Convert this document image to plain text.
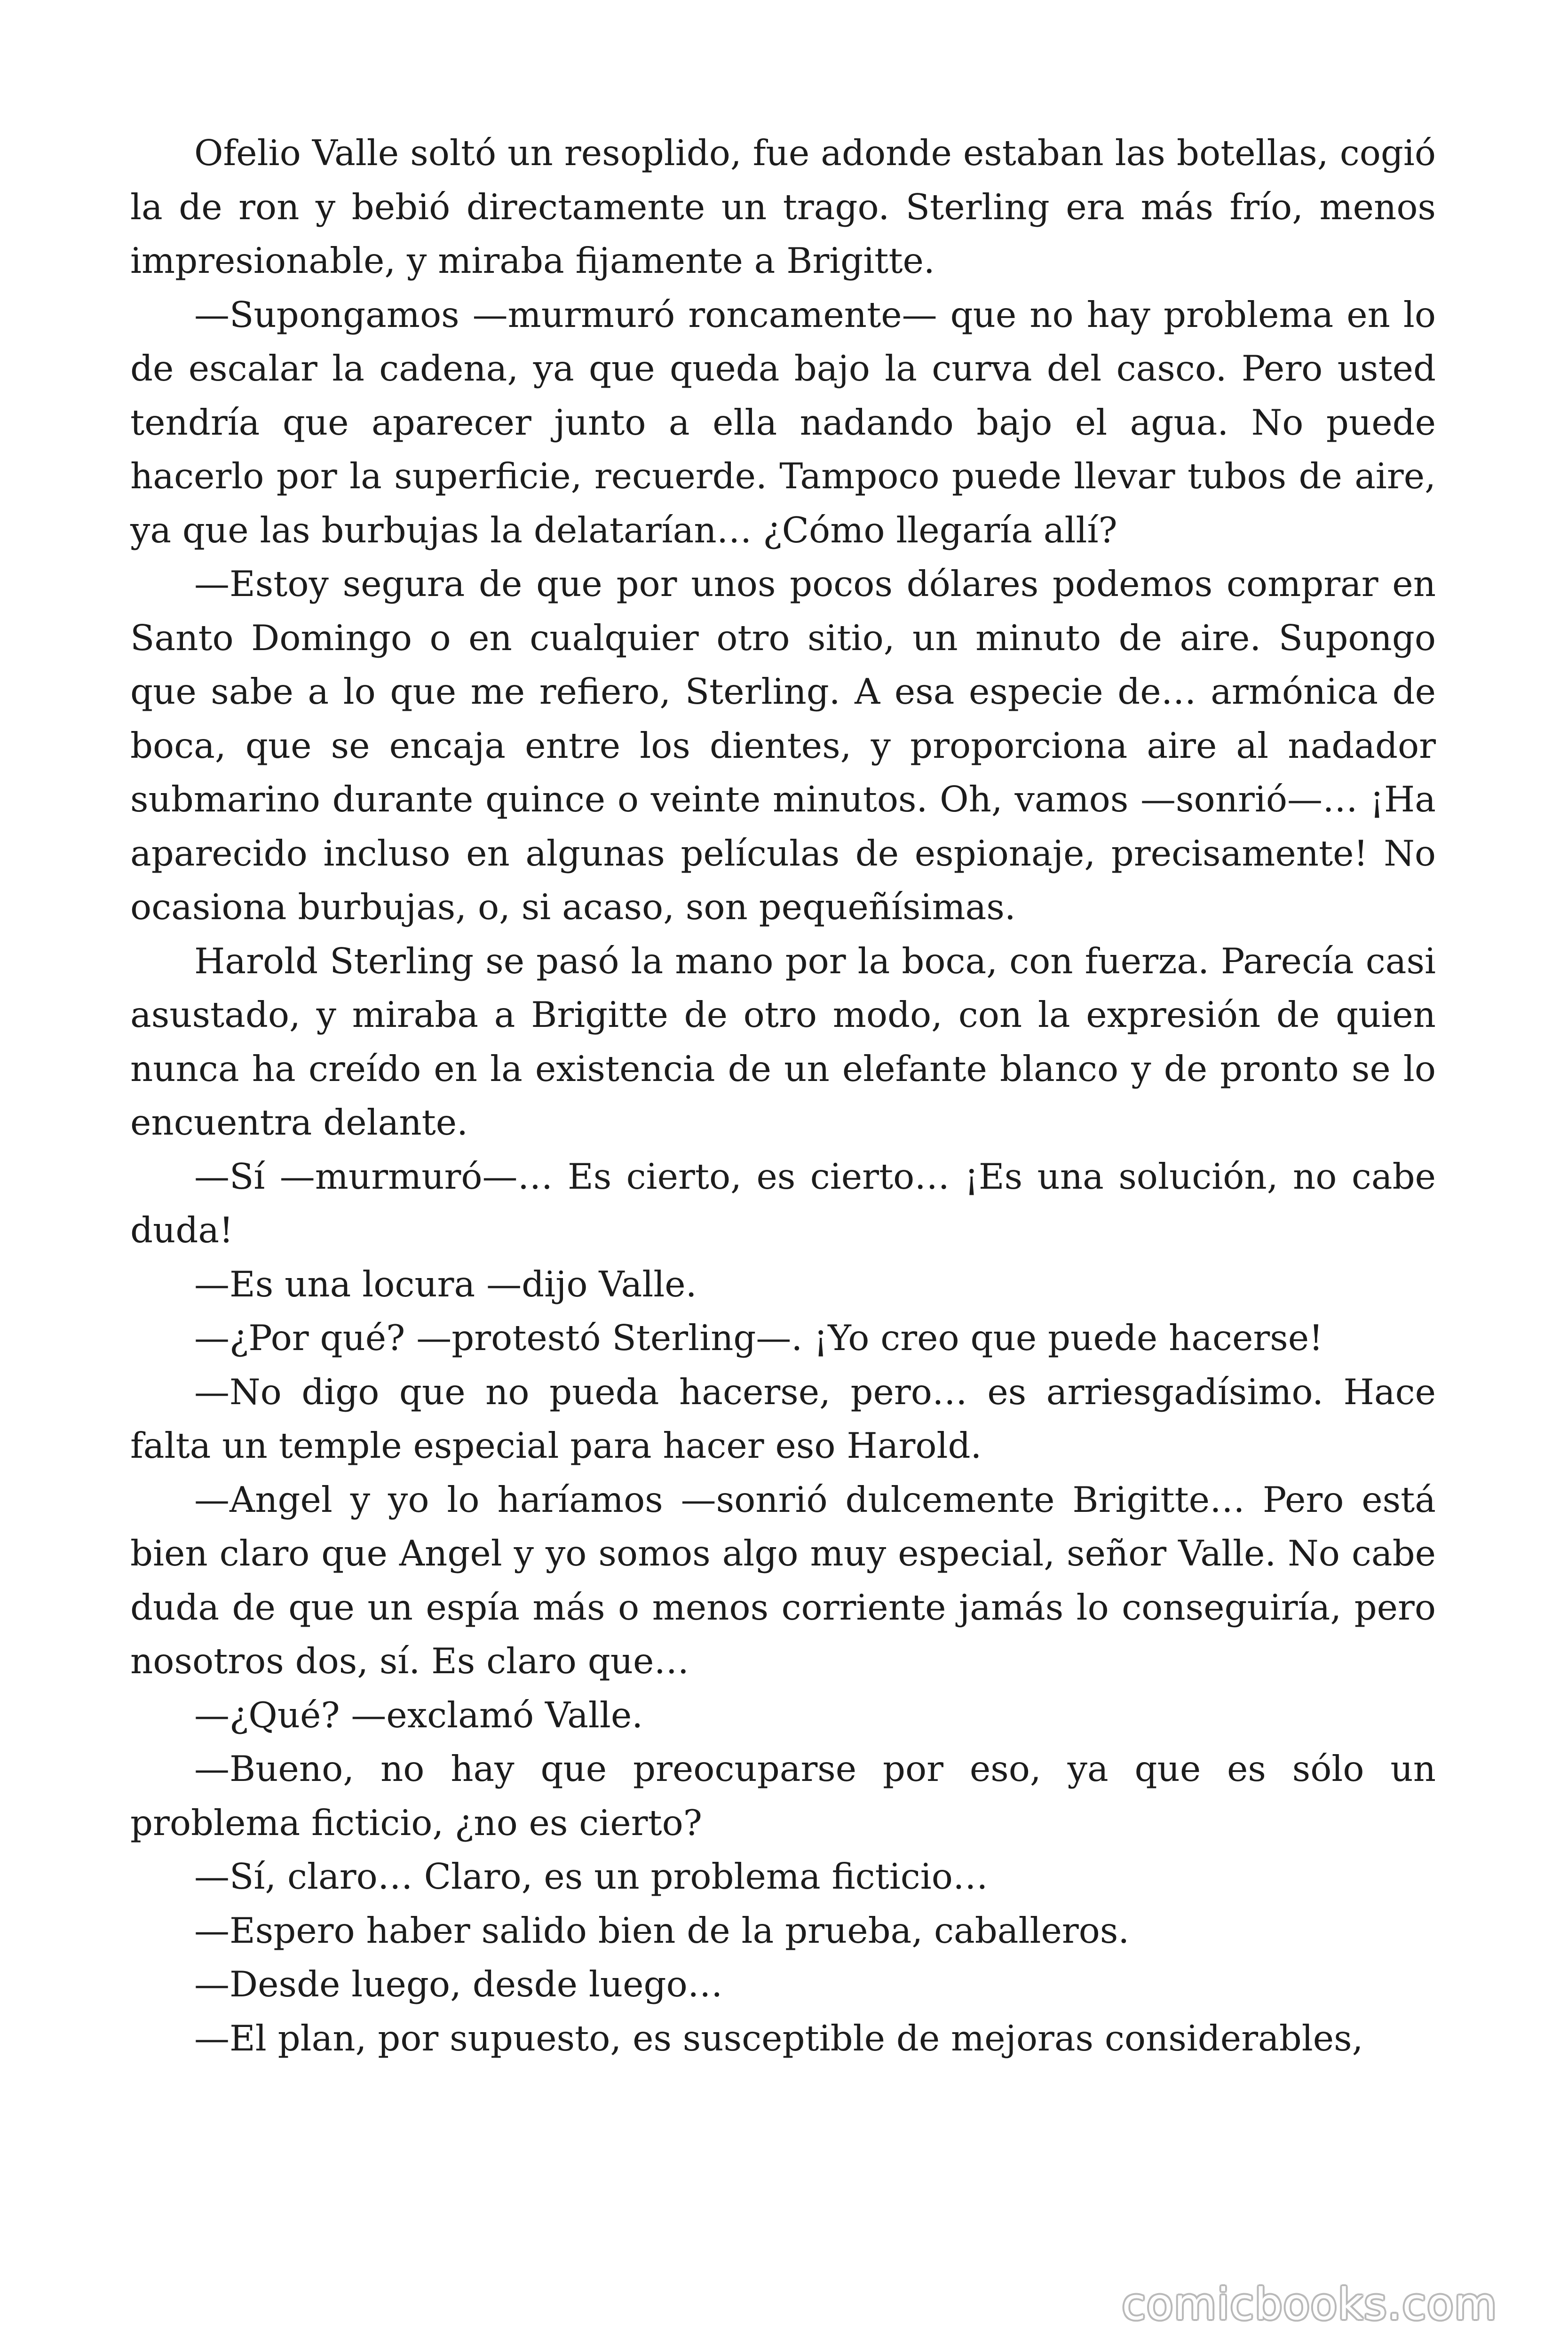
Ofelio Valle soltó un resoplido, fue adonde estaban las botellas, cogió la de ron y bebió directamente un trago. Sterling era más frío, menos impresionable, y miraba fijamente a Brigitte.

—Supongamos —murmuró roncamente— que no hay problema en lo de escalar la cadena, ya que queda bajo la curva del casco. Pero usted tendría que aparecer junto a ella nadando bajo el agua. No puede hacerlo por la superficie, recuerde. Tampoco puede llevar tubos de aire, ya que las burbujas la delatarían… ¿Cómo llegaría allí?

—Estoy segura de que por unos pocos dólares podemos comprar en Santo Domingo o en cualquier otro sitio, un minuto de aire. Supongo que sabe a lo que me refiero, Sterling. A esa especie de… armónica de boca, que se encaja entre los dientes, y proporciona aire al nadador submarino durante quince o veinte minutos. Oh, vamos —sonrió—… ¡Ha aparecido incluso en algunas películas de espionaje, precisamente! No ocasiona burbujas, o, si acaso, son pequeñísimas.

Harold Sterling se pasó la mano por la boca, con fuerza. Parecía casi asustado, y miraba a Brigitte de otro modo, con la expresión de quien nunca ha creído en la existencia de un elefante blanco y de pronto se lo encuentra delante.

—Sí —murmuró—… Es cierto, es cierto… ¡Es una solución, no cabe duda!

—Es una locura —dijo Valle.

—¿Por qué? —protestó Sterling—. ¡Yo creo que puede hacerse!

—No digo que no pueda hacerse, pero… es arriesgadísimo. Hace falta un temple especial para hacer eso Harold.

—Angel y yo lo haríamos —sonrió dulcemente Brigitte… Pero está bien claro que Angel y yo somos algo muy especial, señor Valle. No cabe duda de que un espía más o menos corriente jamás lo conseguiría, pero nosotros dos, sí. Es claro que…

—¿Qué? —exclamó Valle.

—Bueno, no hay que preocuparse por eso, ya que es sólo un problema ficticio, ¿no es cierto?

—Sí, claro… Claro, es un problema ficticio…

—Espero haber salido bien de la prueba, caballeros.

—Desde luego, desde luego…

—El plan, por supuesto, es susceptible de mejoras considerables,

comicbooks.com
